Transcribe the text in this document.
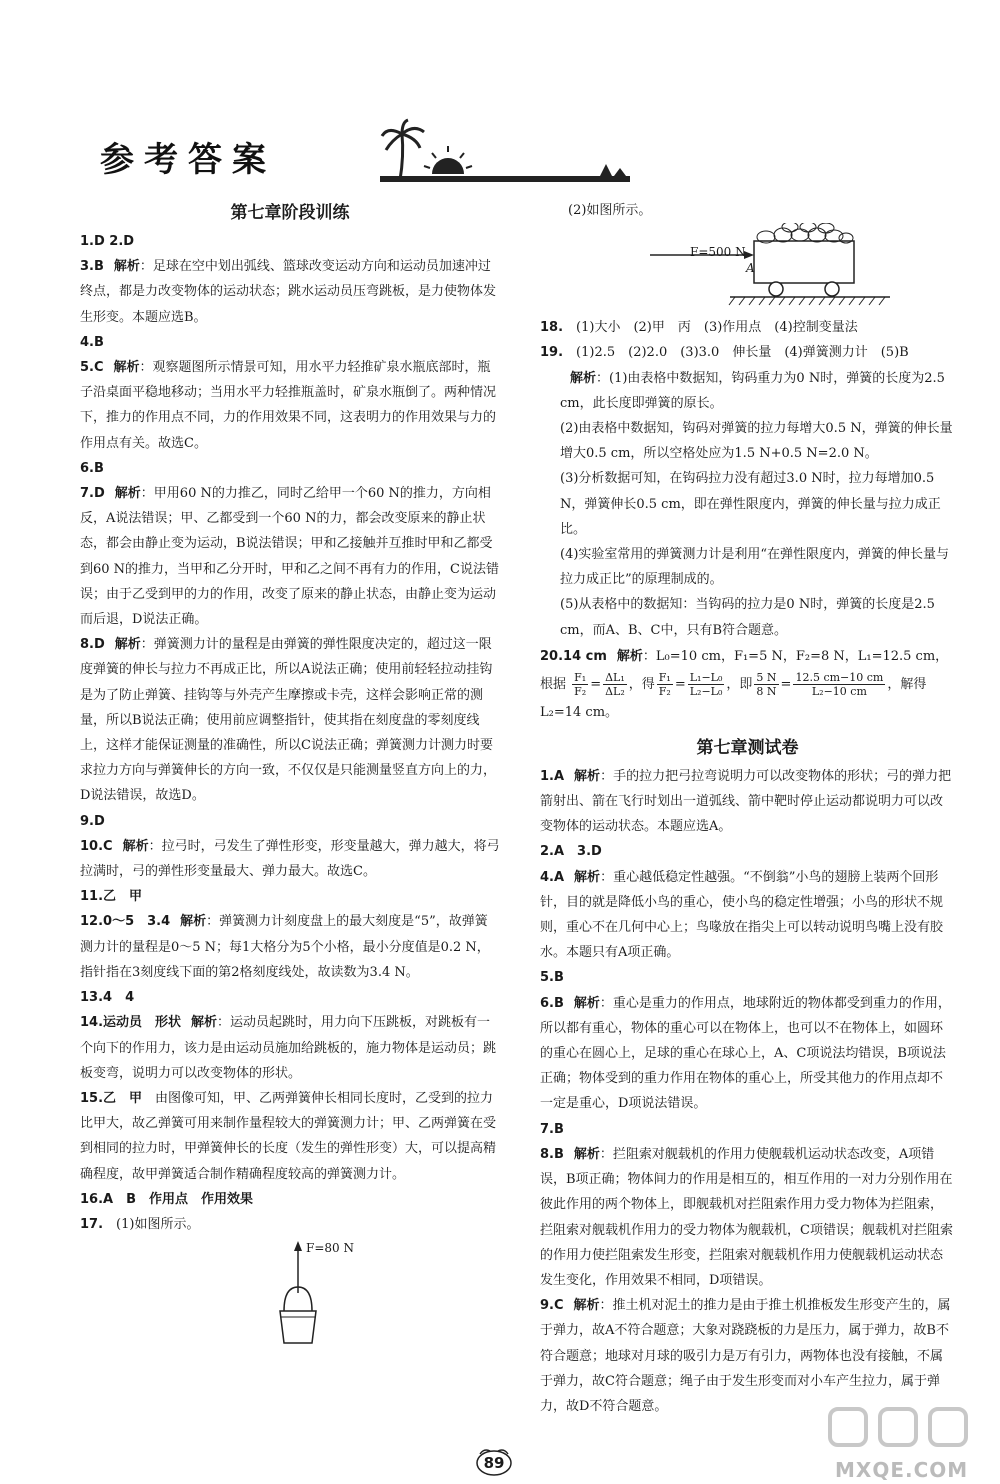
参考答案
第七章阶段训练
1.D 2.D
3.B 解析：足球在空中划出弧线、篮球改变运动方向和运动员加速冲过终点，都是力改变物体的运动状态；跳水运动员压弯跳板，是力使物体发生形变。本题应选B。
4.B
5.C 解析：观察题图所示情景可知，用水平力轻推矿泉水瓶底部时，瓶子沿桌面平稳地移动；当用水平力轻推瓶盖时，矿泉水瓶倒了。两种情况下，推力的作用点不同，力的作用效果不同，这表明力的作用效果与力的作用点有关。故选C。
6.B
7.D 解析：甲用60 N的力推乙，同时乙给甲一个60 N的推力，方向相反，A说法错误；甲、乙都受到一个60 N的力，都会改变原来的静止状态，都会由静止变为运动，B说法错误；甲和乙接触并互推时甲和乙都受到60 N的推力，当甲和乙分开时，甲和乙之间不再有力的作用，C说法错误；由于乙受到甲的力的作用，改变了原来的静止状态，由静止变为运动而后退，D说法正确。
8.D 解析：弹簧测力计的量程是由弹簧的弹性限度决定的，超过这一限度弹簧的伸长与拉力不再成正比，所以A说法正确；使用前轻轻拉动挂钩是为了防止弹簧、挂钩等与外壳产生摩擦或卡壳，这样会影响正常的测量，所以B说法正确；使用前应调整指针，使其指在刻度盘的零刻度线上，这样才能保证测量的准确性，所以C说法正确；弹簧测力计测力时要求拉力方向与弹簧伸长的方向一致，不仅仅是只能测量竖直方向上的力，D说法错误，故选D。
9.D
10.C 解析：拉弓时，弓发生了弹性形变，形变量越大，弹力越大，将弓拉满时，弓的弹性形变量最大、弹力最大。故选C。
11.乙　甲
12.0～5　3.4 解析：弹簧测力计刻度盘上的最大刻度是“5”，故弹簧测力计的量程是0～5 N；每1大格分为5个小格，最小分度值是0.2 N，指针指在3刻度线下面的第2格刻度线处，故读数为3.4 N。
13.4　4
14.运动员　形状 解析：运动员起跳时，用力向下压跳板，对跳板有一个向下的作用力，该力是由运动员施加给跳板的，施力物体是运动员；跳板变弯，说明力可以改变物体的形状。
15.乙　甲　 由图像可知，甲、乙两弹簧伸长相同长度时，乙受到的拉力比甲大，故乙弹簧可用来制作量程较大的弹簧测力计；甲、乙两弹簧在受到相同的拉力时，甲弹簧伸长的长度（发生的弹性形变）大，可以提高精确程度，故甲弹簧适合制作精确程度较高的弹簧测力计。
16.A　B　作用点　作用效果
17.　 (1)如图所示。
F=80 N
(2)如图所示。
F=500 N
A
18.　 (1)大小　(2)甲　丙　(3)作用点　(4)控制变量法
19.　 (1)2.5　(2)2.0　(3)3.0　伸长量　(4)弹簧测力计　(5)B
解析：(1)由表格中数据知，钩码重力为0 N时，弹簧的长度为2.5 cm，此长度即弹簧的原长。
(2)由表格中数据知，钩码对弹簧的拉力每增大0.5 N，弹簧的伸长量增大0.5 cm，所以空格处应为1.5 N+0.5 N=2.0 N。
(3)分析数据可知，在钩码拉力没有超过3.0 N时，拉力每增加0.5 N，弹簧伸长0.5 cm，即在弹性限度内，弹簧的伸长量与拉力成正比。
(4)实验室常用的弹簧测力计是利用“在弹性限度内，弹簧的伸长量与拉力成正比”的原理制成的。
(5)从表格中的数据知：当钩码的拉力是0 N时，弹簧的长度是2.5 cm，而A、B、C中，只有B符合题意。
20.14 cm 解析：L₀=10 cm，F₁=5 N，F₂=8 N，L₁=12.5 cm，根据 $\frac{\text{F₁}}{\text{F₂}} = \frac{\text{ΔL₁}}{\text{ΔL₂}}$ ，得 $\frac{\text{F₁}}{\text{F₂}} = \frac{\text{L₁−L₀}}{\text{L₂−L₀}}$ ，即 $\frac{5 N}{8 N} = \frac{12.5 cm-10 cm}{\text{L₂−10 cm}}$ ，解得 L₂=14 cm。
第七章测试卷
1.A 解析：手的拉力把弓拉弯说明力可以改变物体的形状；弓的弹力把箭射出、箭在飞行时划出一道弧线、箭中靶时停止运动都说明力可以改变物体的运动状态。本题应选A。
2.A　3.D
4.A 解析：重心越低稳定性越强。“不倒翁”小鸟的翅膀上装两个回形针，目的就是降低小鸟的重心，使小鸟的稳定性增强；小鸟的形状不规则，重心不在几何中心上；鸟喙放在指尖上可以转动说明鸟嘴上没有胶水。本题只有A项正确。
5.B
6.B 解析：重心是重力的作用点，地球附近的物体都受到重力的作用，所以都有重心，物体的重心可以在物体上，也可以不在物体上，如圆环的重心在圆心上，足球的重心在球心上，A、C项说法均错误，B项说法正确；物体受到的重力作用在物体的重心上，所受其他力的作用点却不一定是重心，D项说法错误。
7.B
8.B 解析：拦阻索对舰载机的作用力使舰载机运动状态改变，A项错误，B项正确；物体间力的作用是相互的，相互作用的一对力分别作用在彼此作用的两个物体上，即舰载机对拦阻索作用力受力物体为拦阻索，拦阻索对舰载机作用力的受力物体为舰载机，C项错误；舰载机对拦阻索的作用力使拦阻索发生形变，拦阻索对舰载机作用力使舰载机运动状态发生变化，作用效果不相同，D项错误。
9.C 解析：推土机对泥土的推力是由于推土机推板发生形变产生的，属于弹力，故A不符合题意；大象对跷跷板的力是压力，属于弹力，故B不符合题意；地球对月球的吸引力是万有引力，两物体也没有接触，不属于弹力，故C符合题意；绳子由于发生形变而对小车产生拉力，属于弹力，故D不符合题意。
89	MXQE.COM
